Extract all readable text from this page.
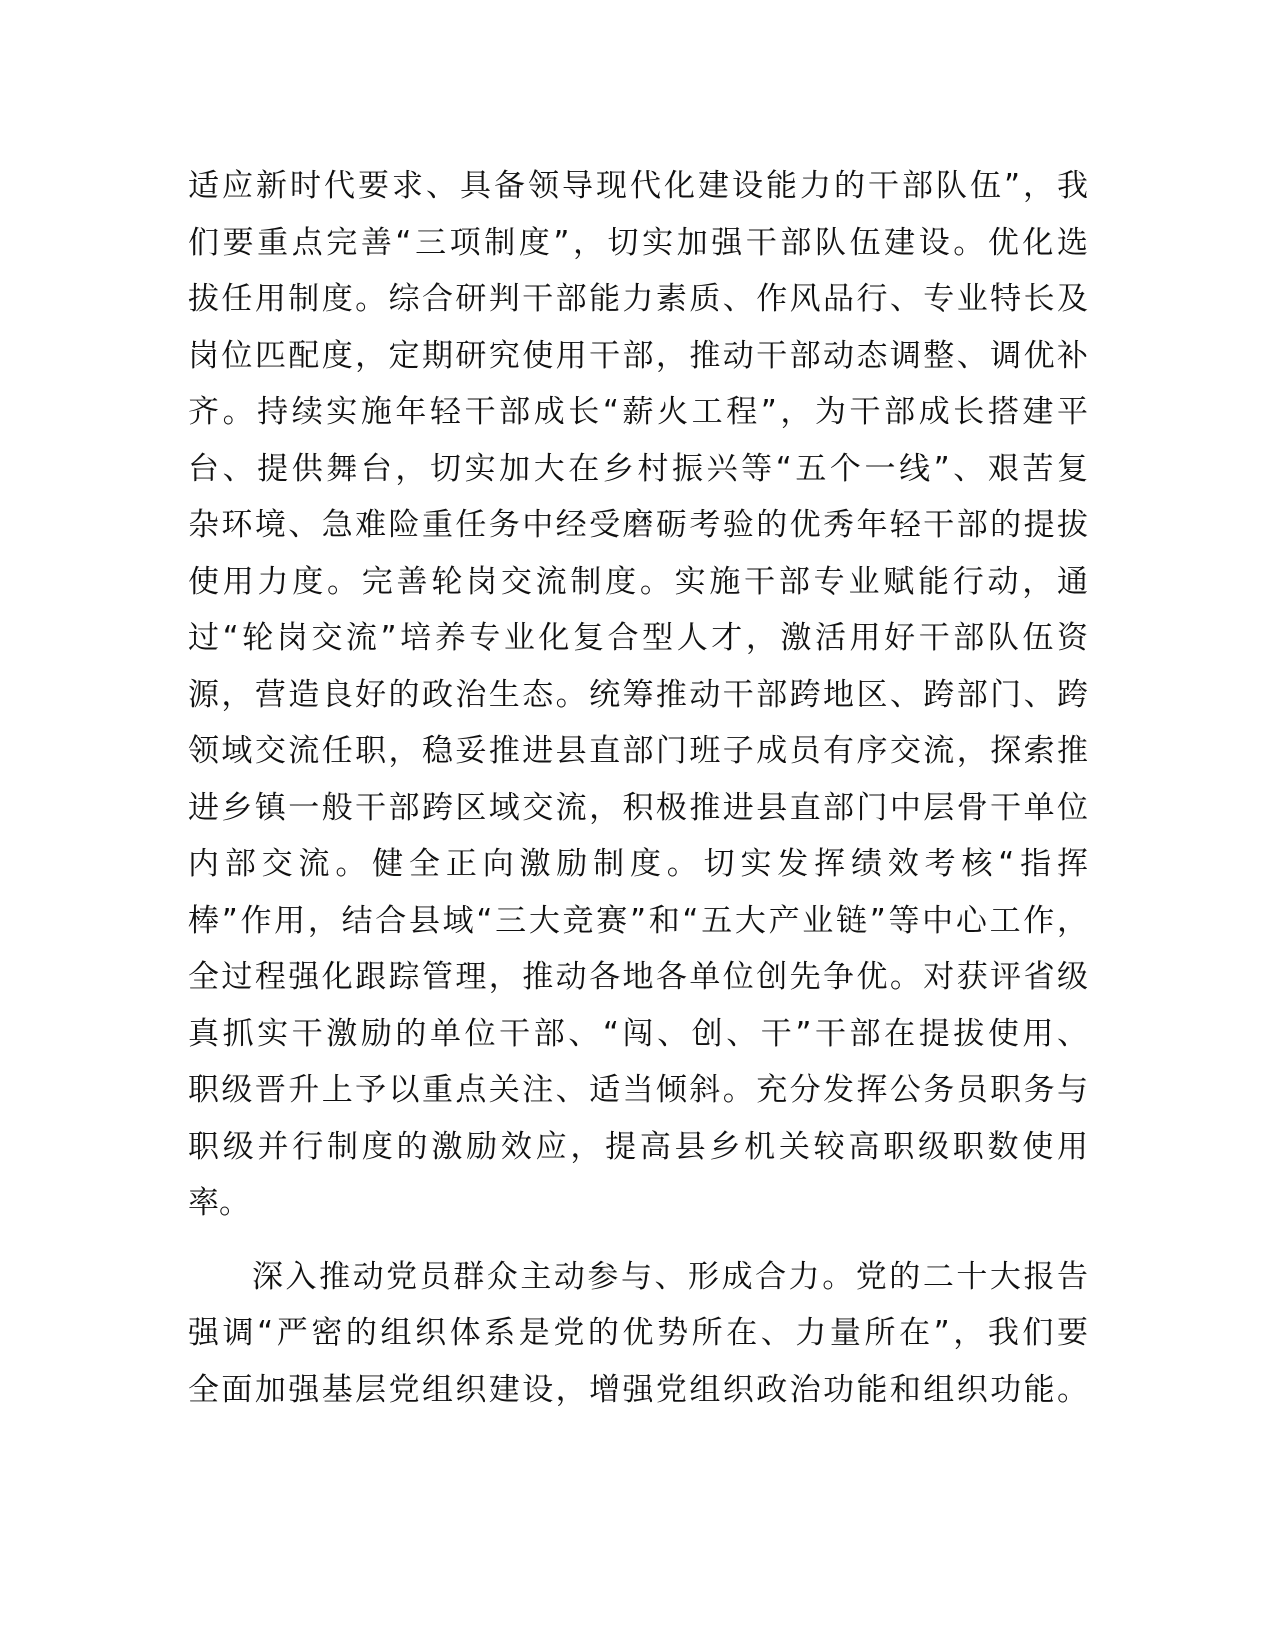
适应新时代要求、具备领导现代化建设能力的干部队伍”，我
们要重点完善“三项制度”，切实加强干部队伍建设。优化选
拔任用制度。综合研判干部能力素质、作风品行、专业特长及
岗位匹配度，定期研究使用干部，推动干部动态调整、调优补
齐。持续实施年轻干部成长“薪火工程”，为干部成长搭建平
台、提供舞台，切实加大在乡村振兴等“五个一线”、艰苦复
杂环境、急难险重任务中经受磨砺考验的优秀年轻干部的提拔
使用力度。完善轮岗交流制度。实施干部专业赋能行动，通
过“轮岗交流”培养专业化复合型人才，激活用好干部队伍资
源，营造良好的政治生态。统筹推动干部跨地区、跨部门、跨
领域交流任职，稳妥推进县直部门班子成员有序交流，探索推
进乡镇一般干部跨区域交流，积极推进县直部门中层骨干单位
内部交流。健全正向激励制度。切实发挥绩效考核“指挥
棒”作用，结合县域“三大竞赛”和“五大产业链”等中心工作，
全过程强化跟踪管理，推动各地各单位创先争优。对获评省级
真抓实干激励的单位干部、“闯、创、干”干部在提拔使用、
职级晋升上予以重点关注、适当倾斜。充分发挥公务员职务与
职级并行制度的激励效应，提高县乡机关较高职级职数使用
率。
深入推动党员群众主动参与、形成合力。党的二十大报告
强调“严密的组织体系是党的优势所在、力量所在”，我们要
全面加强基层党组织建设，增强党组织政治功能和组织功能。
